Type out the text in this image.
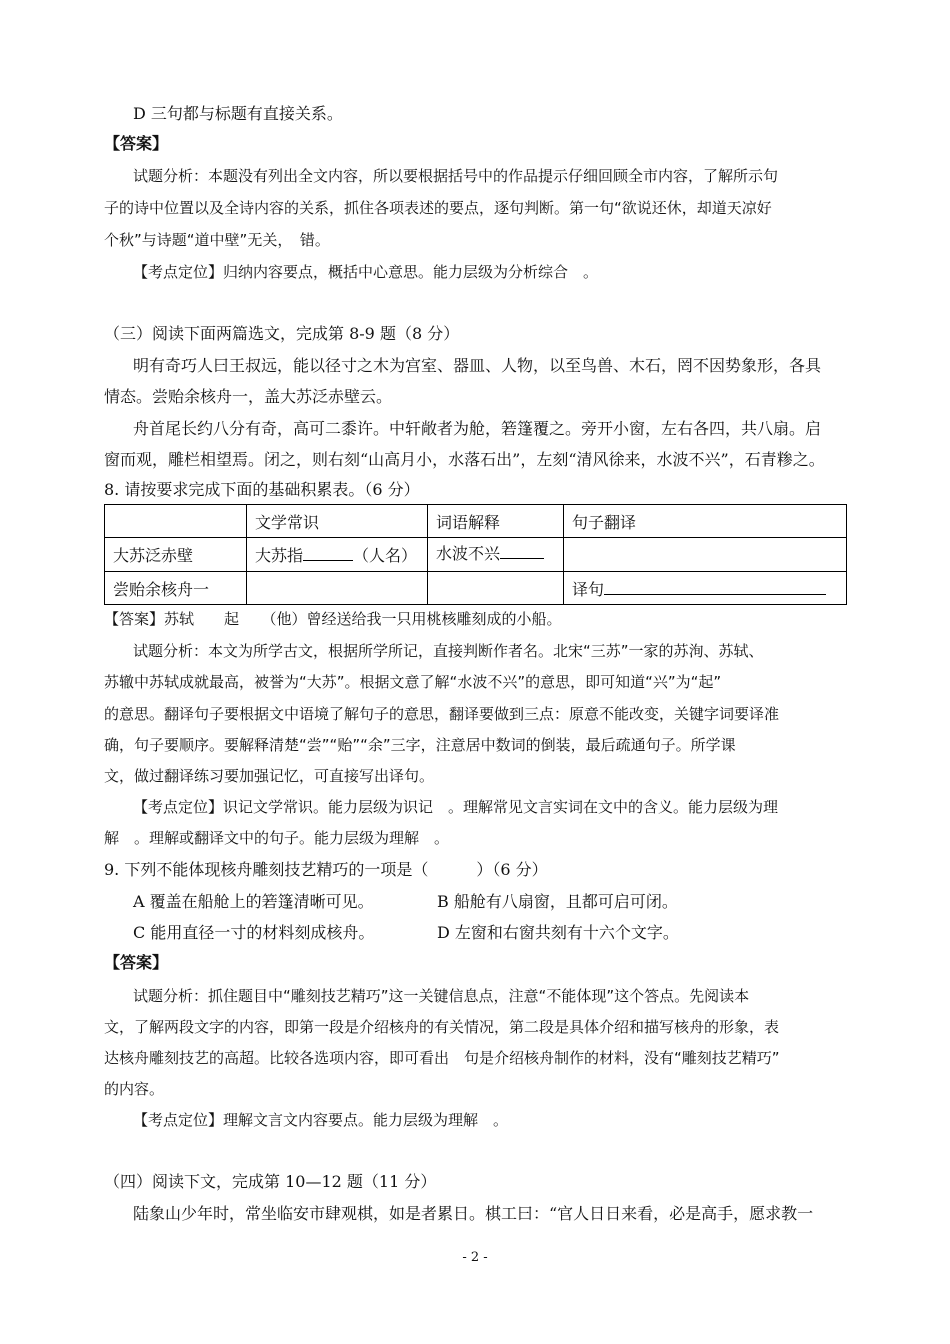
D 三句都与标题有直接关系。
【答案】
试题分析：本题没有列出全文内容，所以要根据括号中的作品提示仔细回顾全市内容，了解所示句
子的诗中位置以及全诗内容的关系，抓住各项表述的要点，逐句判断。第一句“欲说还休，却道天凉好
个秋”与诗题“道中壁”无关，　错。
【考点定位】归纳内容要点，概括中心意思。能力层级为分析综合　。
（三）阅读下面两篇选文，完成第 8-9 题（8 分）
明有奇巧人曰王叔远，能以径寸之木为宫室、器皿、人物，以至鸟兽、木石，罔不因势象形，各具
情态。尝贻余核舟一，盖大苏泛赤壁云。
舟首尾长约八分有奇，高可二黍许。中轩敞者为舱，箬篷覆之。旁开小窗，左右各四，共八扇。启
窗而观，雕栏相望焉。闭之，则右刻“山高月小，水落石出”，左刻“清风徐来，水波不兴”，石青糁之。
8. 请按要求完成下面的基础积累表。（6 分）
	文学常识	词语解释	句子翻译
大苏泛赤壁	大苏指 （人名）	水波不兴	
尝贻余核舟一			译句
【答案】苏轼　　起　　（他）曾经送给我一只用桃核雕刻成的小船。
试题分析：本文为所学古文，根据所学所记，直接判断作者名。北宋“三苏”一家的苏洵、苏轼、
苏辙中苏轼成就最高，被誉为“大苏”。根据文意了解“水波不兴”的意思，即可知道“兴”为“起”
的意思。翻译句子要根据文中语境了解句子的意思，翻译要做到三点：原意不能改变，关键字词要译准
确，句子要顺序。要解释清楚“尝”“贻”“余”三字，注意居中数词的倒装，最后疏通句子。所学课
文，做过翻译练习要加强记忆，可直接写出译句。
【考点定位】识记文学常识。能力层级为识记　。理解常见文言实词在文中的含义。能力层级为理
解　。理解或翻译文中的句子。能力层级为理解　。
9. 下列不能体现核舟雕刻技艺精巧的一项是（　　　）（6 分）
A 覆盖在船舱上的箬篷清晰可见。	B 船舱有八扇窗，且都可启可闭。
C 能用直径一寸的材料刻成核舟。	D 左窗和右窗共刻有十六个文字。
【答案】
试题分析：抓住题目中“雕刻技艺精巧”这一关键信息点，注意“不能体现”这个答点。先阅读本
文，了解两段文字的内容，即第一段是介绍核舟的有关情况，第二段是具体介绍和描写核舟的形象，表
达核舟雕刻技艺的高超。比较各选项内容，即可看出　句是介绍核舟制作的材料，没有“雕刻技艺精巧”
的内容。
【考点定位】理解文言文内容要点。能力层级为理解　。
（四）阅读下文，完成第 10—12 题（11 分）
陆象山少年时，常坐临安市肆观棋，如是者累日。棋工曰：“官人日日来看，必是高手，愿求教一
- 2 -
